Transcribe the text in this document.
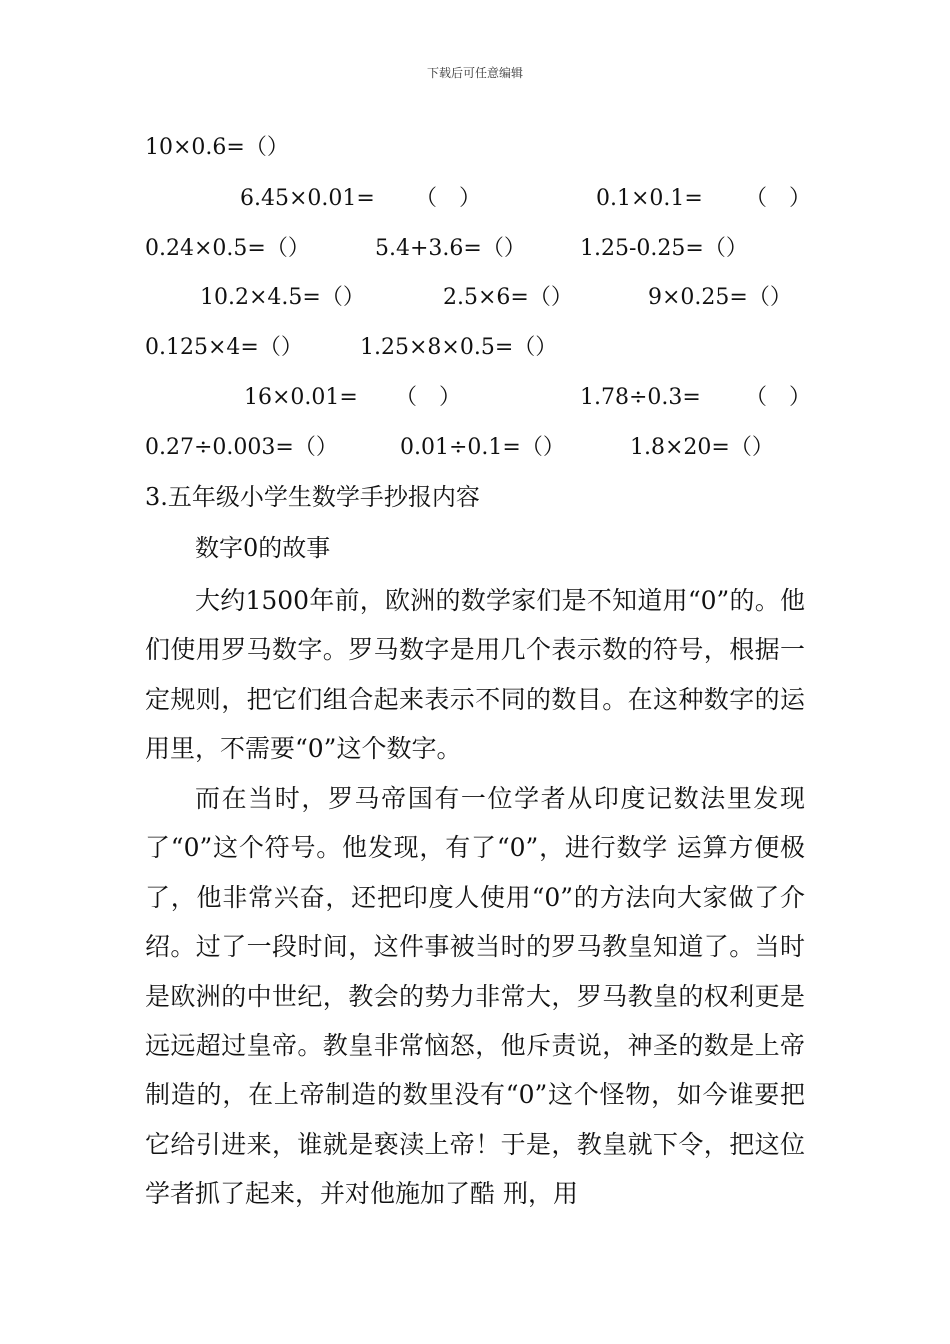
下载后可任意编辑
10×0.6=（）
6.45×0.01= （　）	0.1×0.1= （　）
0.24×0.5=（）	5.4+3.6=（） 1.25-0.25=（）
10.2×4.5=（）	2.5×6=（）	9×0.25=（）
0.125×4=（）	1.25×8×0.5=（）
16×0.01= （　）	1.78÷0.3= （　）
0.27÷0.003=（）	0.01÷0.1=（）	1.8×20=（）
3.五年级小学生数学手抄报内容
数字0的故事

大约1500年前，欧洲的数学家们是不知道用“0”的。他们使用罗马数字。罗马数字是用几个表示数的符号，根据一定规则，把它们组合起来表示不同的数目。在这种数字的运用里，不需要“0”这个数字。

而在当时，罗马帝国有一位学者从印度记数法里发现了“0”这个符号。他发现，有了“0”，进行数学 运算方便极了，他非常兴奋，还把印度人使用“0”的方法向大家做了介绍。过了一段时间，这件事被当时的罗马教皇知道了。当时是欧洲的中世纪，教会的势力非常大，罗马教皇的权利更是远远超过皇帝。教皇非常恼怒，他斥责说，神圣的数是上帝制造的，在上帝制造的数里没有“0”这个怪物，如今谁要把它给引进来，谁就是亵渎上帝！于是，教皇就下令，把这位学者抓了起来，并对他施加了酷 刑，用
